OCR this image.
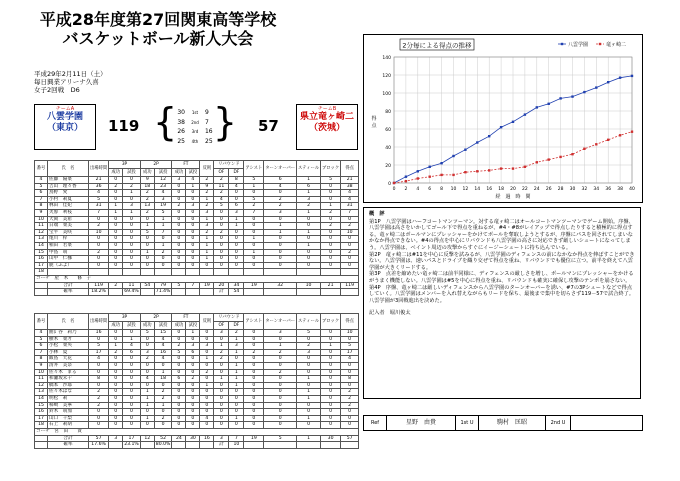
平成28年度第27回関東高等学校
バスケットボール新人大会
平成29年2月11日（土）
毎日興業アリーナ久喜
女子2回戦　D6
チームA
八雲学園
（東京）	119 { }
30 1st 9
38 2nd 7
26 3rd 16
25 4th 25
57
チームB
県立竜ヶ崎二
（茨城）
番号	氏　名	出場時間	3P		2P		FT		反則	リバウンド		アシスト	ターンオーバー	スティール	ブロック	得点
			成功	試投	成功	試投	成功	試投		OF	DF					
4	佐藤　陽菜	21	0	0	9	12	3	4	2	2	8	5	6	1	5	21
5	吉山　理々香	36	2	2	18	23	0	1	9	11	4	1	4	6	0	38
6	鳥野　愛	4	0	1	2	4	0	0	2	2	0	0	0	1	0	4
7	小村　莉夏	5	0	0	2	3	0	0	1	4	0	5	2	3	0	4
8	林田　佳妃	31	1	3	13	19	2	3	2	5	6	2	2	2	1	31
9	芙蓉　利枝	7	1	1	2	5	0	0	3	0	3	7	3	1	2	7
10	大岡　美希	0	0	0	0	1	0	0	1	0	1	0	0	0	0	0
11	日端　菜美	2	0	0	1	1	0	0	3	0	1	0	1	0	2	2
12	宝平　美咲	10	0	0	5	7	0	0	2	2	0	0	1	1	0	10
13	尾川　梓	0	0	0	0	0	0	0	1	0	0	1	0	0	0	0
14	相田　若菜	0	0	0	0	1	0	0	1	0	0	0	0	1	0	0
15	中島　萌	2	0	0	1	2	0	0	1	0	0	1	0	0	0	2
16	山中　仁梛	0	0	0	0	0	0	0	1	0	0	0	0	0	0	0
17	鹿（ふよ）	0	0	0	0	0	0	0	0	0	0	0	0	0	0	0
18																
コーチ　屋　木　　修　子																
	合計	119	2	11	54	79	5	7	19	20	34	19	32	10	21	119
	確率	18.2%		69.4%		71.4%				計	54					
番号	氏　名	出場時間	3P		2P		FT		反則	リバウンド		アシスト	ターンオーバー	スティール	ブロック	得点
			成功	試投	成功	試投	成功	試投		OF	DF					
4	曲阝谷　莉乃	16	0	0	5	15	0	1	0	3	2	0	3	5	0	10
5	横木　菜才	0	0	1	0	4	0	0	0	0	1	0	0	0	0	0
6	小松　菜央	5	1	4	0	4	2	3	3	1	3	0	1	2	1	5
7	小林　夏	17	2	6	3	16	5	6	0	2	1	2	2	3	0	17
8	飯島　天花	4	0	0	2	4	0	0	1	2	0	0	0	0	0	4
9	清井　美奈	0	0	0	0	0	0	0	0	0	1	0	0	0	0	0
10	佐々木　まる	0	0	0	0	1	0	0	2	0	1	0	2	0	0	0
11	和瀬坂未千	8	0	0	4	18	6	2	0	1	1	0	0	1	0	8
12	橋本　沙耶	0	0	0	0	0	0	0	1	0	1	0	0	0	0	0
13	佐々木はな	2	0	0	1	2	0	0	0	0	0	0	0	1	0	2
14	明松　莉	2	0	0	1	2	0	0	0	0	0	0	0	1	0	2
15	柿崎　美寧	2	0	0	1	1	0	0	0	0	0	0	0	0	0	2
16	鈴木　萌加	0	0	0	0	0	0	0	0	0	0	0	0	0	0	0
17	山口　千梨	0	0	0	1	2	0	0	4	0	1	0	0	1	0	0
18	石上　莉胡	0	0	0	0	0	0	0	0	0	0	0	0	0	0	0
コーチ　宮　田　　貴																
	合計	57	3	17	12	52	24	30	16	3	7	19	5	1	30	57
	確率	17.6%		23.1%		80.0%				計	10					
2分毎による得点の推移
0
20
40
60
80
100
120
140
0 2 4 6 8 10 12 14 16 18 20 22 24 26 28 30 32 34 36 38 40
経　過　時　間
得
点
八雲学園	竜ヶ崎二
概　評
第1P　八雲学園はハーフコートマンツーマン。対する竜ヶ崎二はオールコートマンツーマンでゲーム開始。序盤、八雲学園は高さをいかしてゴール下で得点を重ねるが、#4・#8がレイアップで得点したりすると積極的に得点する。竜ヶ崎二はボールマンにプレッシャーをかけてボールを奪取しようとするが、序盤にパスを回されてしまいなかなか得点できない。#4の得点を中心にリバウンドも八雲学園の高さに対応できず厳しいシュートになってしまう。八雲学園は、ベイント周辺の攻撃からすぐにイージーシュートに持ち込んでいる。
第2P　竜ヶ崎二は#11を中心に反撃を試みるが、八雲学園のディフェンスの前になかなか得点を伸ばすことができない。八雲学園は、速いパスとドライブを織り交ぜて得点を重ね、リバウンドでも優位に立つ。前半を終えて八雲学園が大きくリードする。
第3P　点差を縮めたい竜ヶ崎二は前半同様に、ディフェンスの厳しさを増し、ボールマンにプレッシャーをかけるがうまく機能しない。八雲学園は#5を中心に得点を重ね、リバウンドも確実に確保し攻撃のテンポを崩さない。
第4P　序盤、竜ヶ崎二は厳しいディフェンスから八雲学園のターンオーバーを誘い、#7の3Pシュートなどで得点していく。八雲学園はメンバーを入れ替えながらもリードを保ち、最後まで集中を切らさず119－57で試合終了。八雲学園が3回戦進出を決めた。
記入者　堀川俊太
Ref	星野　由貴	1st U	駒村　匡昭	2nd U
